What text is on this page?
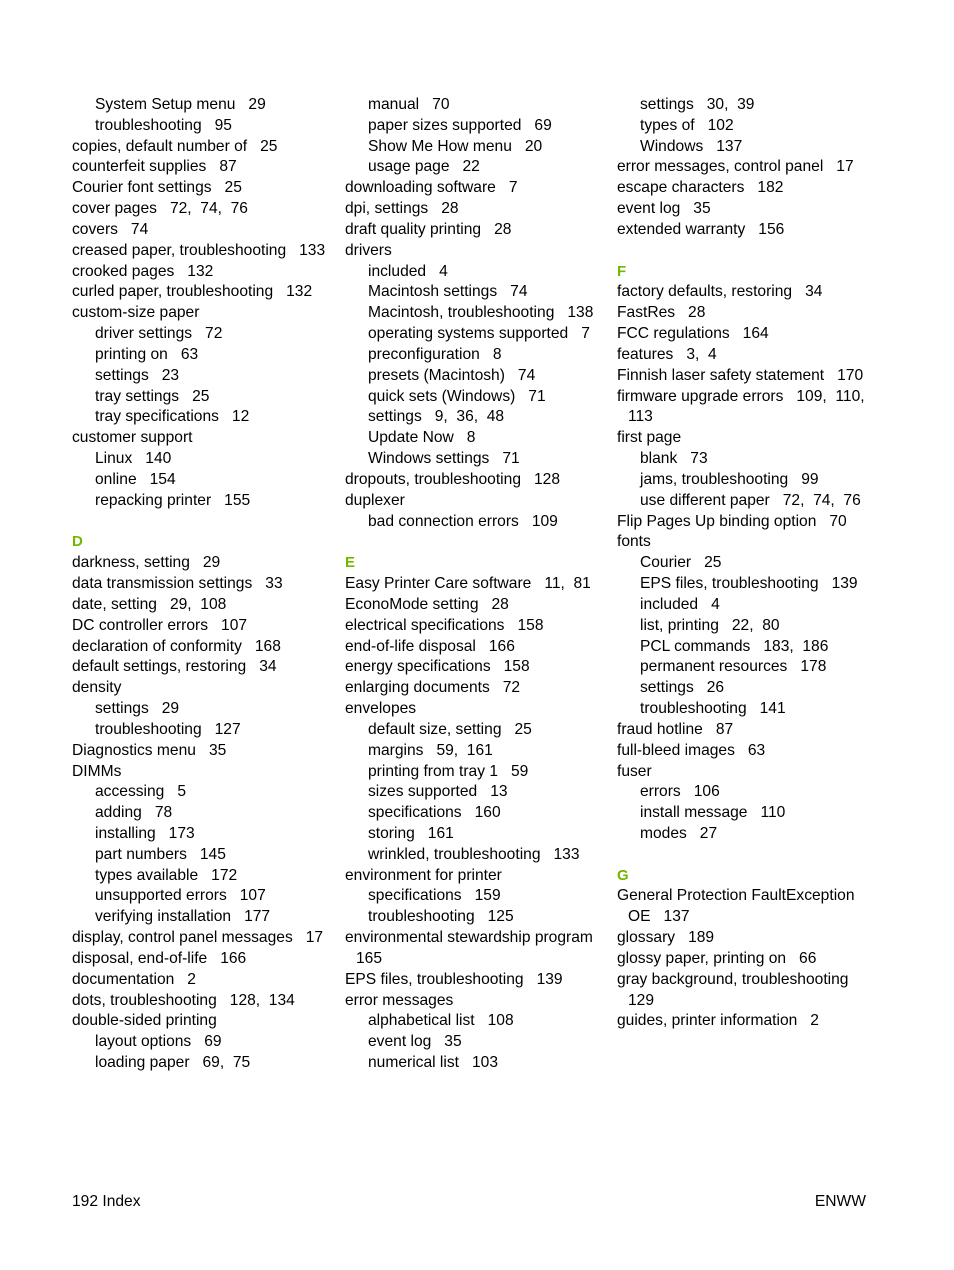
System Setup menu   29
troubleshooting   95
copies, default number of   25
counterfeit supplies   87
Courier font settings   25
cover pages   72,  74,  76
covers   74
creased paper, troubleshooting   133
crooked pages   132
curled paper, troubleshooting   132
custom-size paper
driver settings   72
printing on   63
settings   23
tray settings   25
tray specifications   12
customer support
Linux   140
online   154
repacking printer   155
D
darkness, setting   29
data transmission settings   33
date, setting   29,  108
DC controller errors   107
declaration of conformity   168
default settings, restoring   34
density
settings   29
troubleshooting   127
Diagnostics menu   35
DIMMs
accessing   5
adding   78
installing   173
part numbers   145
types available   172
unsupported errors   107
verifying installation   177
display, control panel messages   17
disposal, end-of-life   166
documentation   2
dots, troubleshooting   128,  134
double-sided printing
layout options   69
loading paper   69,  75
manual   70
paper sizes supported   69
Show Me How menu   20
usage page   22
downloading software   7
dpi, settings   28
draft quality printing   28
drivers
included   4
Macintosh settings   74
Macintosh, troubleshooting   138
operating systems supported   7
preconfiguration   8
presets (Macintosh)   74
quick sets (Windows)   71
settings   9,  36,  48
Update Now   8
Windows settings   71
dropouts, troubleshooting   128
duplexer
bad connection errors   109
E
Easy Printer Care software   11,  81
EconoMode setting   28
electrical specifications   158
end-of-life disposal   166
energy specifications   158
enlarging documents   72
envelopes
default size, setting   25
margins   59,  161
printing from tray 1   59
sizes supported   13
specifications   160
storing   161
wrinkled, troubleshooting   133
environment for printer
specifications   159
troubleshooting   125
environmental stewardship program   165
EPS files, troubleshooting   139
error messages
alphabetical list   108
event log   35
numerical list   103
settings   30,  39
types of   102
Windows   137
error messages, control panel   17
escape characters   182
event log   35
extended warranty   156
F
factory defaults, restoring   34
FastRes   28
FCC regulations   164
features   3,  4
Finnish laser safety statement   170
firmware upgrade errors   109,  110,  113
first page
blank   73
jams, troubleshooting   99
use different paper   72,  74,  76
Flip Pages Up binding option   70
fonts
Courier   25
EPS files, troubleshooting   139
included   4
list, printing   22,  80
PCL commands   183,  186
permanent resources   178
settings   26
troubleshooting   141
fraud hotline   87
full-bleed images   63
fuser
errors   106
install message   110
modes   27
G
General Protection FaultException OE   137
glossary   189
glossy paper, printing on   66
gray background, troubleshooting   129
guides, printer information   2
192 Index	ENWW
